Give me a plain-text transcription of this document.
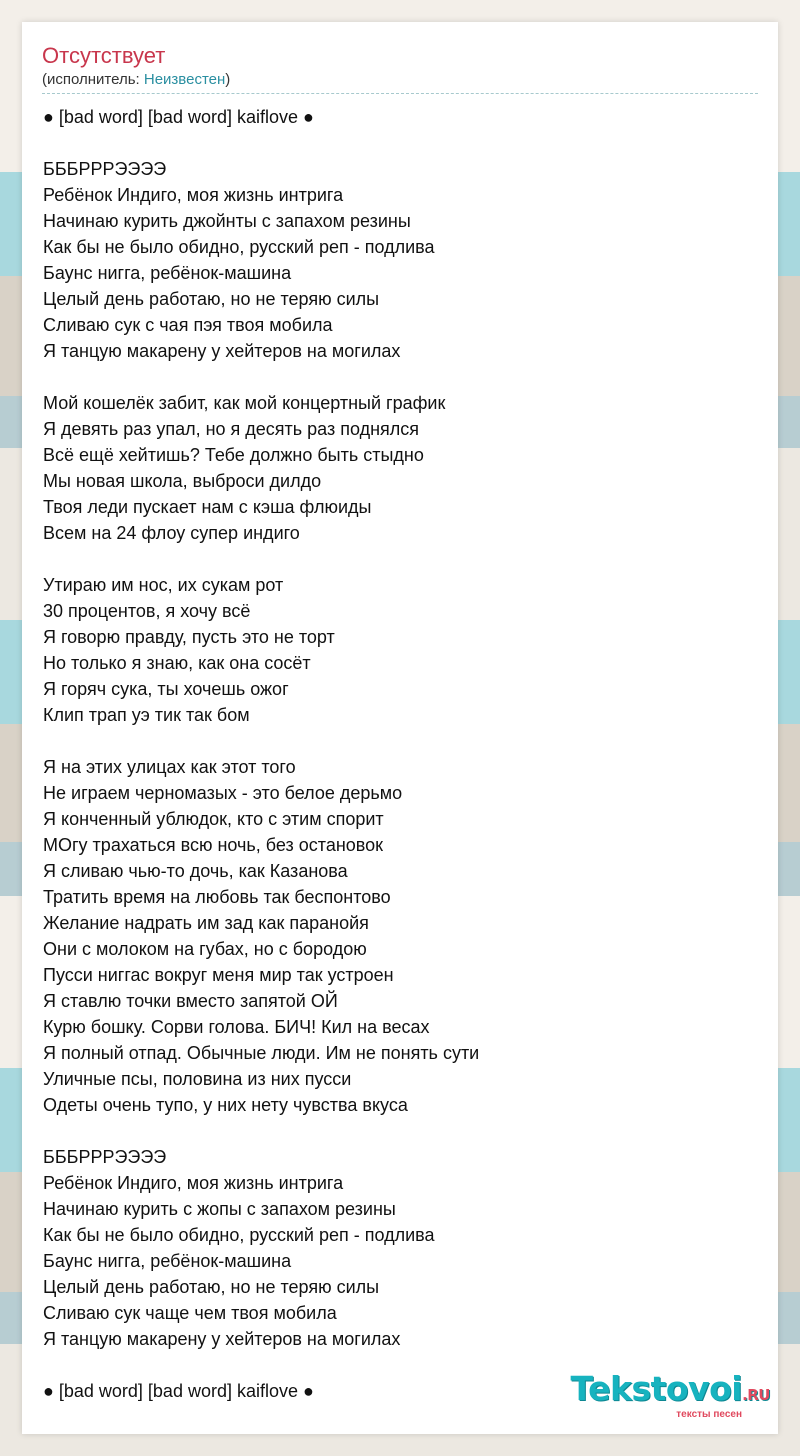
Отсутствует
(исполнитель: Неизвестен)
● [bad word] [bad word] kaiflove ●
БББРРРЭЭЭЭ
Ребёнок Индиго, моя жизнь интрига
Начинаю курить джойнты с запахом резины
Как бы не было обидно, русский реп - подлива
Баунс нигга, ребёнок-машина
Целый день работаю, но не теряю силы
Сливаю сук с чая пэя твоя мобила
Я танцую макарену у хейтеров на могилах
Мой кошелёк забит, как мой концертный график
Я девять раз упал, но я десять раз поднялся
Всё ещё хейтишь? Тебе должно быть стыдно
Мы новая школа, выброси дилдо
Твоя леди пускает нам с кэша флюиды
Всем на 24 флоу супер индиго
Утираю им нос, их сукам рот
30 процентов, я хочу всё
Я говорю правду, пусть это не торт
Но только я знаю, как она сосёт
Я горяч сука, ты хочешь ожог
Клип трап уэ тик так бом
Я на этих улицах как этот того
Не играем черномазых - это белое дерьмо
Я конченный ублюдок, кто с этим спорит
МОгу трахаться всю ночь, без остановок
Я сливаю чью-то дочь, как Казанова
Тратить время на любовь так беспонтово
Желание надрать им зад как паранойя
Они с молоком на губах, но с бородою
Пусси ниггас вокруг меня мир так устроен
Я ставлю точки вместо запятой ОЙ
Курю бошку. Сорви голова. БИЧ! Кил на весах
Я полный отпад. Обычные люди. Им не понять сути
Уличные псы, половина из них пусси
Одеты очень тупо, у них нету чувства вкуса
БББРРРЭЭЭЭ
Ребёнок Индиго, моя жизнь интрига
Начинаю курить с жопы с запахом резины
Как бы не было обидно, русский реп - подлива
Баунс нигга, ребёнок-машина
Целый день работаю, но не теряю силы
Сливаю сук чаще чем твоя мобила
Я танцую макарену у хейтеров на могилах
● [bad word] [bad word] kaiflove ●	Tekstovoi.RU
тексты песен
